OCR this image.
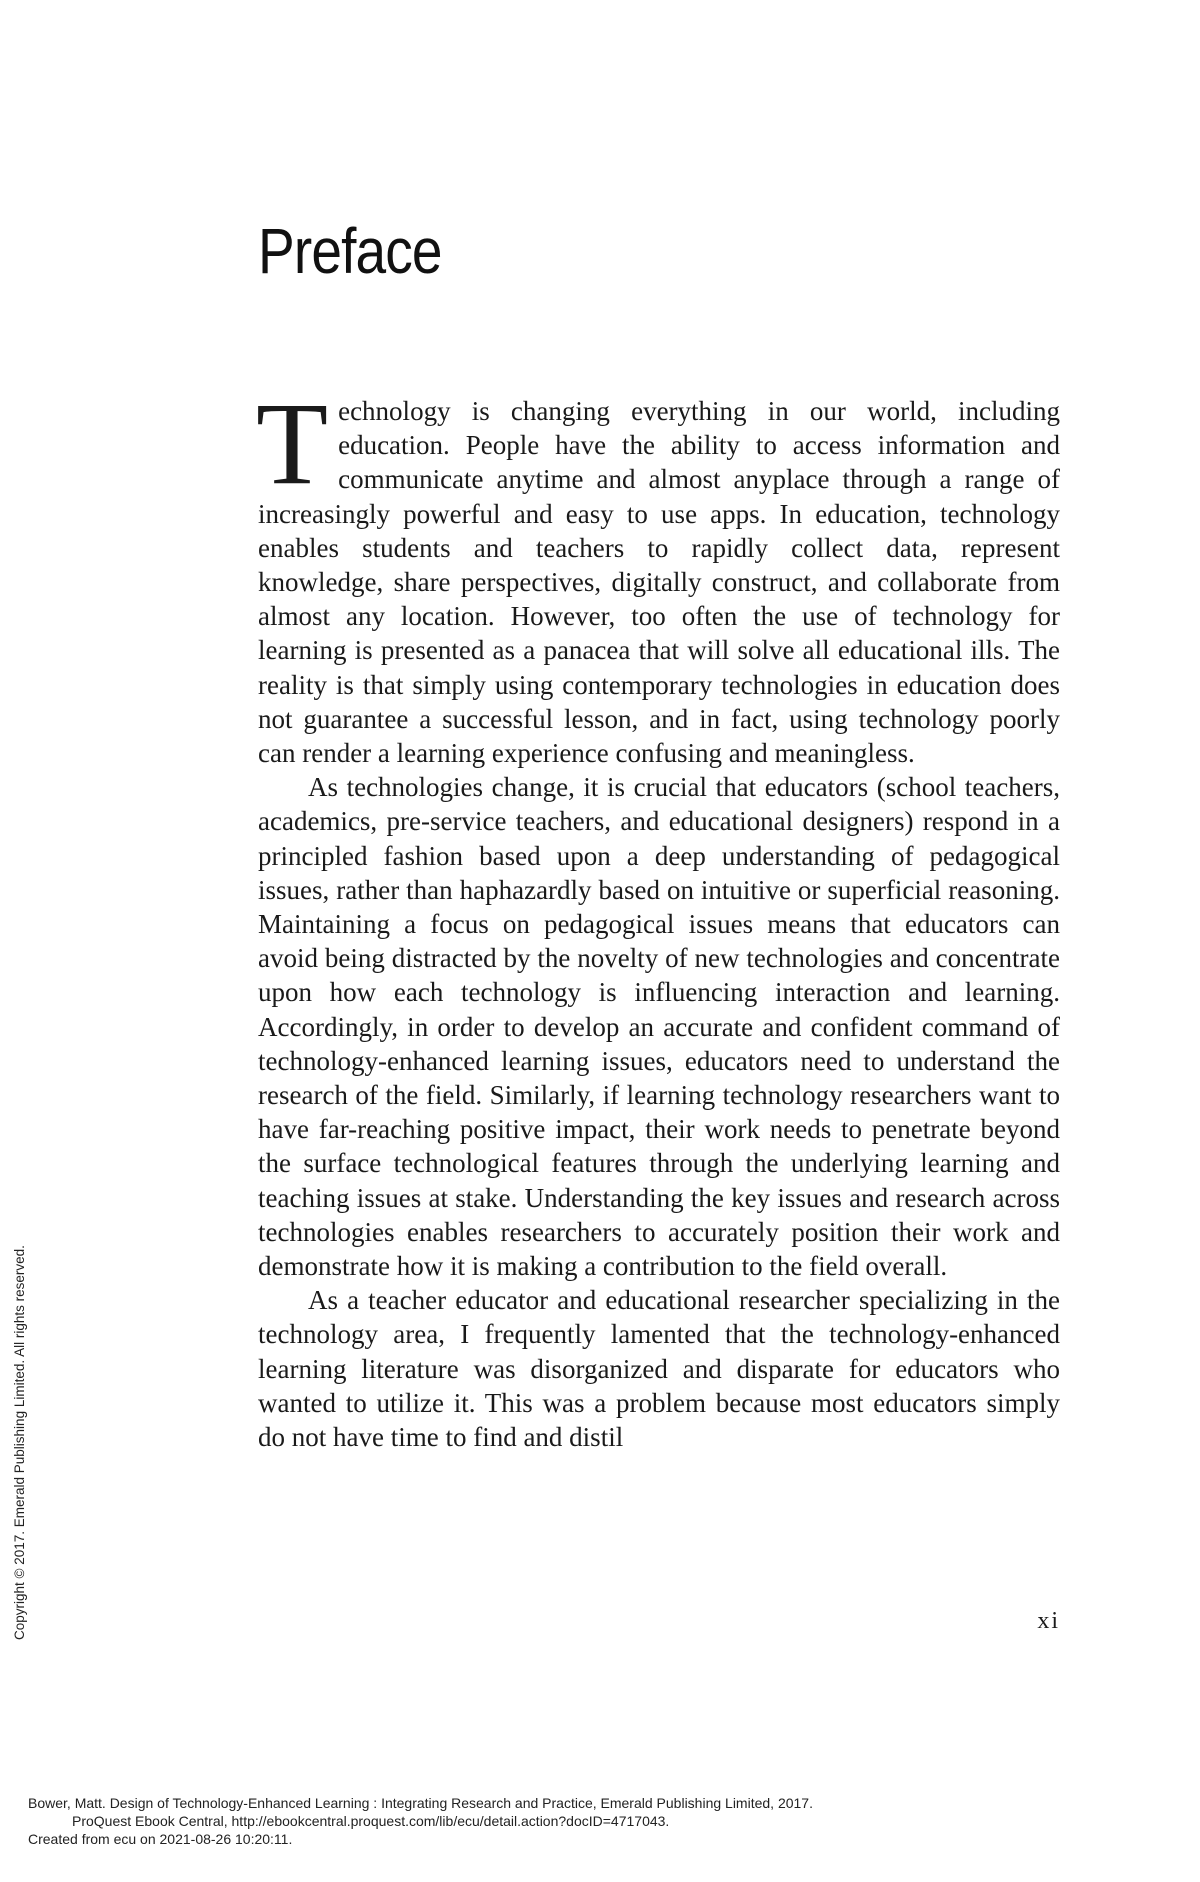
Preface

Technology is changing everything in our world, including education. People have the ability to access information and communicate anytime and almost anyplace through a range of increasingly powerful and easy to use apps. In education, technology enables students and teachers to rapidly collect data, represent knowledge, share perspectives, digitally construct, and collaborate from almost any location. However, too often the use of technology for learning is presented as a panacea that will solve all educational ills. The reality is that simply using contemporary technologies in education does not guarantee a successful lesson, and in fact, using technology poorly can render a learning experience confusing and meaningless.

As technologies change, it is crucial that educators (school teachers, academics, pre-service teachers, and educational designers) respond in a principled fashion based upon a deep understanding of pedagogical issues, rather than haphazardly based on intuitive or superficial reasoning. Maintaining a focus on pedagogical issues means that educators can avoid being distracted by the novelty of new technologies and concentrate upon how each technology is influencing interaction and learning. Accordingly, in order to develop an accurate and confident command of technology-enhanced learning issues, educators need to understand the research of the field. Similarly, if learning technology researchers want to have far-reaching positive impact, their work needs to penetrate beyond the surface technological features through the underlying learning and teaching issues at stake. Understanding the key issues and research across technologies enables researchers to accurately position their work and demonstrate how it is making a contribution to the field overall.

As a teacher educator and educational researcher specializing in the technology area, I frequently lamented that the technology-enhanced learning literature was disorganized and disparate for educators who wanted to utilize it. This was a problem because most educators simply do not have time to find and distil

xi
Copyright © 2017. Emerald Publishing Limited. All rights reserved.
Bower, Matt. Design of Technology-Enhanced Learning : Integrating Research and Practice, Emerald Publishing Limited, 2017.
ProQuest Ebook Central, http://ebookcentral.proquest.com/lib/ecu/detail.action?docID=4717043.
Created from ecu on 2021-08-26 10:20:11.
